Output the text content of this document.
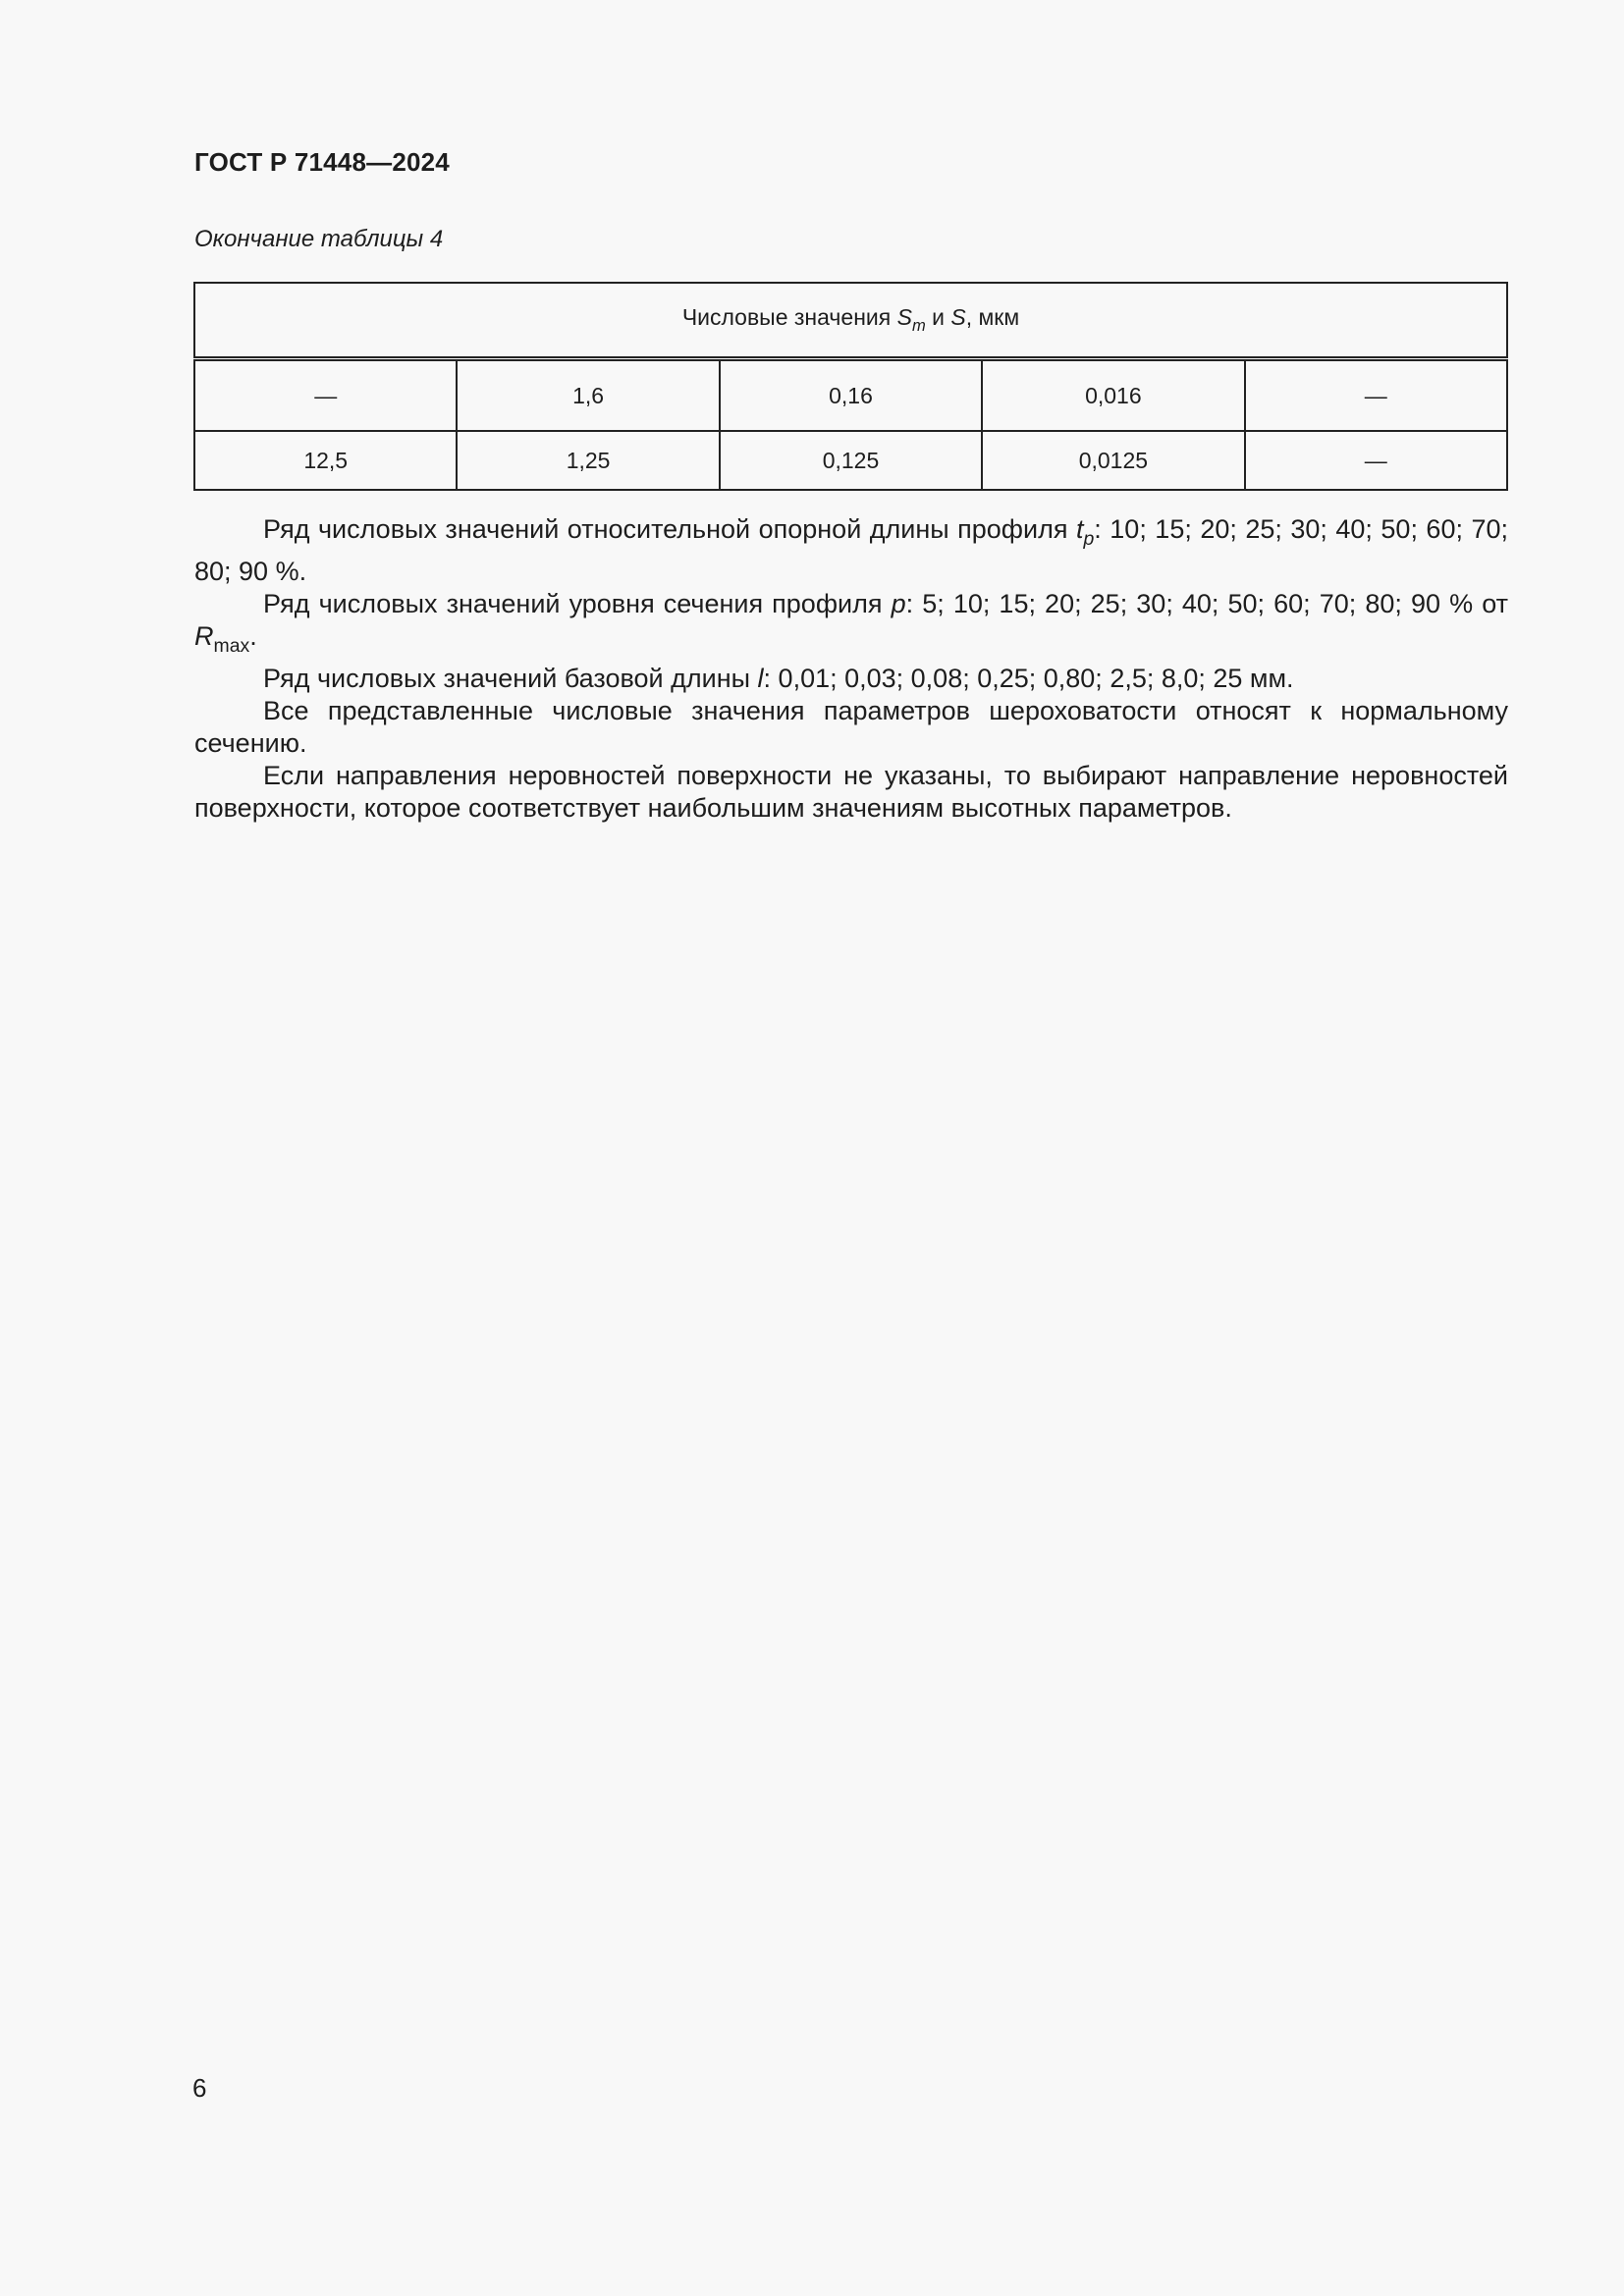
ГОСТ Р 71448—2024

Окончание таблицы 4

Числовые значения $S_m$ и S, мкм				
—	1,6	0,16	0,016	—
12,5	1,25	0,125	0,0125	—

Ряд числовых значений относительной опорной длины профиля $t_p$: 10; 15; 20; 25; 30; 40; 50; 60; 70; 80; 90 %.

Ряд числовых значений уровня сечения профиля p: 5; 10; 15; 20; 25; 30; 40; 50; 60; 70; 80; 90 % от $R_{max}$.

Ряд числовых значений базовой длины l: 0,01; 0,03; 0,08; 0,25; 0,80; 2,5; 8,0; 25 мм.

Все представленные числовые значения параметров шероховатости относят к нормальному сечению.

Если направления неровностей поверхности не указаны, то выбирают направление неровностей поверхности, которое соответствует наибольшим значениям высотных параметров.

6
